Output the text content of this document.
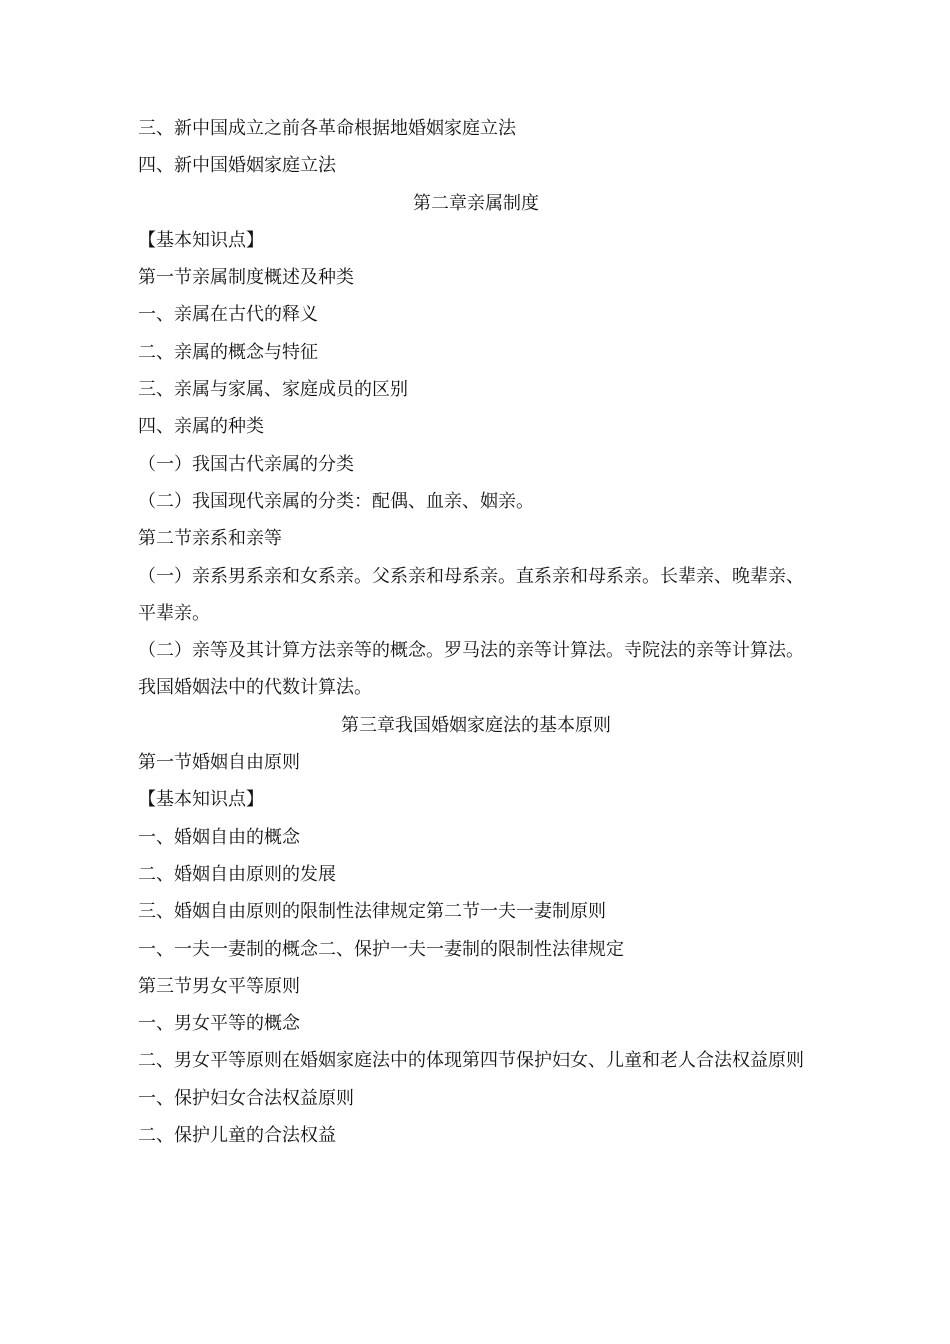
三、新中国成立之前各革命根据地婚姻家庭立法
四、新中国婚姻家庭立法
第二章亲属制度
【基本知识点】
第一节亲属制度概述及种类
一、亲属在古代的释义
二、亲属的概念与特征
三、亲属与家属、家庭成员的区别
四、亲属的种类
（一）我国古代亲属的分类
（二）我国现代亲属的分类：配偶、血亲、姻亲。
第二节亲系和亲等
（一）亲系男系亲和女系亲。父系亲和母系亲。直系亲和母系亲。长辈亲、晚辈亲、平辈亲。
（二）亲等及其计算方法亲等的概念。罗马法的亲等计算法。寺院法的亲等计算法。我国婚姻法中的代数计算法。
第三章我国婚姻家庭法的基本原则
第一节婚姻自由原则
【基本知识点】
一、婚姻自由的概念
二、婚姻自由原则的发展
三、婚姻自由原则的限制性法律规定第二节一夫一妻制原则
一、一夫一妻制的概念二、保护一夫一妻制的限制性法律规定
第三节男女平等原则
一、男女平等的概念
二、男女平等原则在婚姻家庭法中的体现第四节保护妇女、儿童和老人合法权益原则
一、保护妇女合法权益原则
二、保护儿童的合法权益
